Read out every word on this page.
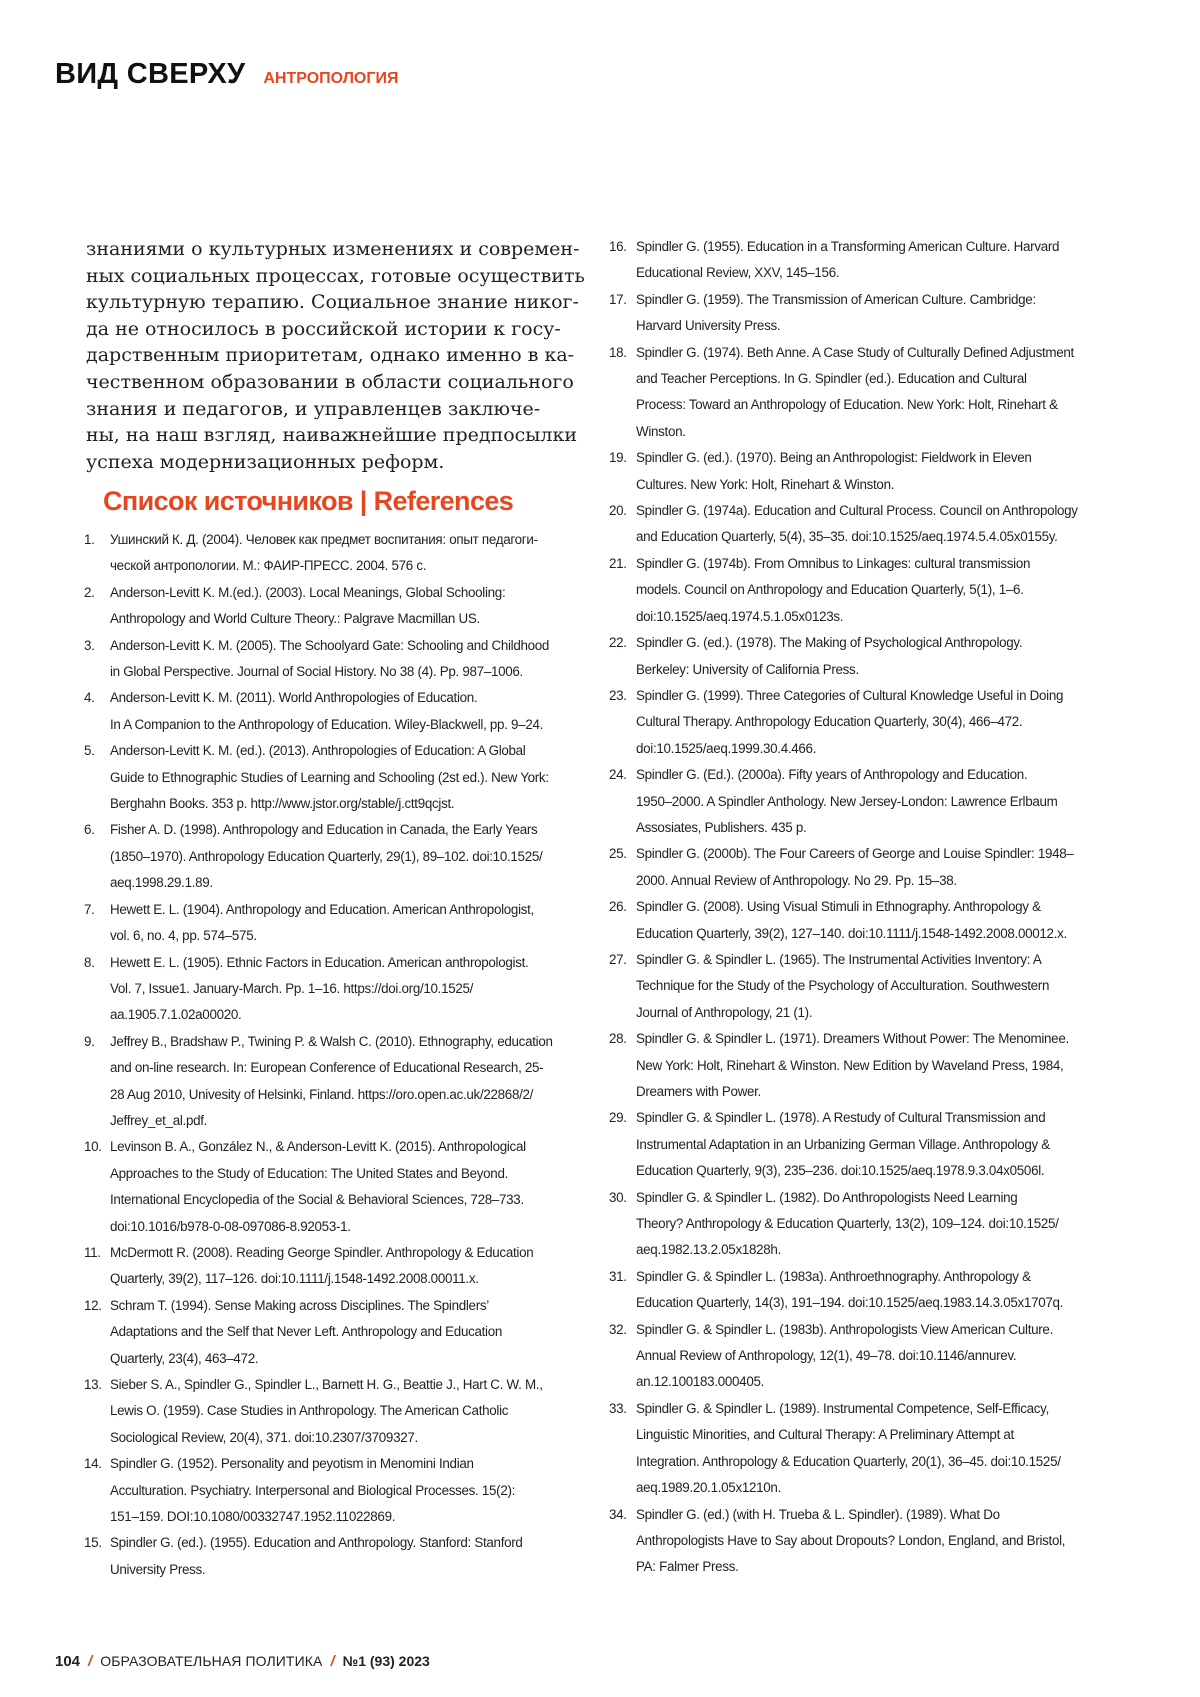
ВИД СВЕРХУ АНТРОПОЛОГИЯ
знаниями о культурных изменениях и современ-
ных социальных процессах, готовые осуществить
культурную терапию. Социальное знание никог-
да не относилось в российской истории к госу-
дарственным приоритетам, однако именно в ка-
чественном образовании в области социального
знания и педагогов, и управленцев заключе-
ны, на наш взгляд, наиважнейшие предпосылки
успеха модернизационных реформ.
Список источников | References
1.	Ушинский К. Д. (2004). Человек как предмет воспитания: опыт педагоги-
ческой антропологии. М.: ФАИР-ПРЕСС. 2004. 576 с.
2.	Anderson-Levitt K. M.(ed.). (2003). Local Meanings, Global Schooling:
Anthropology and World Culture Theory.: Palgrave Macmillan US.
3.	Anderson-Levitt K. M. (2005). The Schoolyard Gate: Schooling and Childhood
in Global Perspective. Journal of Social History. No 38 (4). Pp. 987–1006.
4.	Anderson-Levitt K. M. (2011). World Anthropologies of Education.
In A Companion to the Anthropology of Education. Wiley-Blackwell, pp. 9–24.
5.	Anderson-Levitt K. M. (ed.). (2013). Anthropologies of Education: A Global
Guide to Ethnographic Studies of Learning and Schooling (2st ed.). New York:
Berghahn Books. 353 p. http://www.jstor.org/stable/j.ctt9qcjst.
6.	Fisher A. D. (1998). Anthropology and Education in Canada, the Early Years
(1850–1970). Anthropology Education Quarterly, 29(1), 89–102. doi:10.1525/
aeq.1998.29.1.89.
7.	Hewett E. L. (1904). Anthropology and Education. American Anthropologist,
vol. 6, no. 4, pp. 574–575.
8.	Hewett E. L. (1905). Ethnic Factors in Education. American anthropologist.
Vol. 7, Issue1. January-March. Pp. 1–16. https://doi.org/10.1525/
aa.1905.7.1.02a00020.
9.	Jeffrey B., Bradshaw P., Twining P. & Walsh C. (2010). Ethnography, education
and on-line research. In: European Conference of Educational Research, 25-
28 Aug 2010, Univesity of Helsinki, Finland. https://oro.open.ac.uk/22868/2/
Jeffrey_et_al.pdf.
10. Levinson B. A., González N., & Anderson-Levitt K. (2015). Anthropological
Approaches to the Study of Education: The United States and Beyond.
International Encyclopedia of the Social & Behavioral Sciences, 728–733.
doi:10.1016/b978-0-08-097086-8.92053-1.
11. McDermott R. (2008). Reading George Spindler. Anthropology & Education
Quarterly, 39(2), 117–126. doi:10.1111/j.1548-1492.2008.00011.x.
12. Schram T. (1994). Sense Making across Disciplines. The Spindlers’
Adaptations and the Self that Never Left. Anthropology and Education
Quarterly, 23(4), 463–472.
13. Sieber S. A., Spindler G., Spindler L., Barnett H. G., Beattie J., Hart C. W. M.,
Lewis O. (1959). Case Studies in Anthropology. The American Catholic
Sociological Review, 20(4), 371. doi:10.2307/3709327.
14. Spindler G. (1952). Personality and peyotism in Menomini Indian
Acculturation. Psychiatry. Interpersonal and Biological Processes. 15(2):
151–159. DOI:10.1080/00332747.1952.11022869.
15. Spindler G. (ed.). (1955). Education and Anthropology. Stanford: Stanford
University Press.
16. Spindler G. (1955). Education in a Transforming American Culture. Harvard
Educational Review, XXV, 145–156.
17. Spindler G. (1959). The Transmission of American Culture. Cambridge:
Harvard University Press.
18. Spindler G. (1974). Beth Anne. A Case Study of Culturally Defined Adjustment
and Teacher Perceptions. In G. Spindler (ed.). Education and Cultural
Process: Toward an Anthropology of Education. New York: Holt, Rinehart &
Winston.
19. Spindler G. (ed.). (1970). Being an Anthropologist: Fieldwork in Eleven
Cultures. New York: Holt, Rinehart & Winston.
20. Spindler G. (1974a). Education and Cultural Process. Council on Anthropology
and Education Quarterly, 5(4), 35–35. doi:10.1525/aeq.1974.5.4.05x0155y.
21. Spindler G. (1974b). From Omnibus to Linkages: cultural transmission
models. Council on Anthropology and Education Quarterly, 5(1), 1–6.
doi:10.1525/aeq.1974.5.1.05x0123s.
22. Spindler G. (ed.). (1978). The Making of Psychological Anthropology.
Berkeley: University of California Press.
23. Spindler G. (1999). Three Categories of Cultural Knowledge Useful in Doing
Cultural Therapy. Anthropology Education Quarterly, 30(4), 466–472.
doi:10.1525/aeq.1999.30.4.466.
24. Spindler G. (Ed.). (2000a). Fifty years of Anthropology and Education.
1950–2000. A Spindler Anthology. New Jersey-London: Lawrence Erlbaum
Assosiates, Publishers. 435 p.
25. Spindler G. (2000b). The Four Careers of George and Louise Spindler: 1948–
2000. Annual Review of Anthropology. No 29. Pp. 15–38.
26. Spindler G. (2008). Using Visual Stimuli in Ethnography. Anthropology &
Education Quarterly, 39(2), 127–140. doi:10.1111/j.1548-1492.2008.00012.x.
27. Spindler G. & Spindler L. (1965). The Instrumental Activities Inventory: A
Technique for the Study of the Psychology of Acculturation. Southwestern
Journal of Anthropology, 21 (1).
28. Spindler G. & Spindler L. (1971). Dreamers Without Power: The Menominee.
New York: Holt, Rinehart & Winston. New Edition by Waveland Press, 1984,
Dreamers with Power.
29. Spindler G. & Spindler L. (1978). A Restudy of Cultural Transmission and
Instrumental Adaptation in an Urbanizing German Village. Anthropology &
Education Quarterly, 9(3), 235–236. doi:10.1525/aeq.1978.9.3.04x0506l.
30. Spindler G. & Spindler L. (1982). Do Anthropologists Need Learning
Theory? Anthropology & Education Quarterly, 13(2), 109–124. doi:10.1525/
aeq.1982.13.2.05x1828h.
31. Spindler G. & Spindler L. (1983a). Anthroethnography. Anthropology &
Education Quarterly, 14(3), 191–194. doi:10.1525/aeq.1983.14.3.05x1707q.
32. Spindler G. & Spindler L. (1983b). Anthropologists View American Culture.
Annual Review of Anthropology, 12(1), 49–78. doi:10.1146/annurev.
an.12.100183.000405.
33. Spindler G. & Spindler L. (1989). Instrumental Competence, Self-Efficacy,
Linguistic Minorities, and Cultural Therapy: A Preliminary Attempt at
Integration. Anthropology & Education Quarterly, 20(1), 36–45. doi:10.1525/
aeq.1989.20.1.05x1210n.
34. Spindler G. (ed.) (with H. Trueba & L. Spindler). (1989). What Do
Anthropologists Have to Say about Dropouts? London, England, and Bristol,
PA: Falmer Press.
104 / ОБРАЗОВАТЕЛЬНАЯ ПОЛИТИКА / №1 (93) 2023
